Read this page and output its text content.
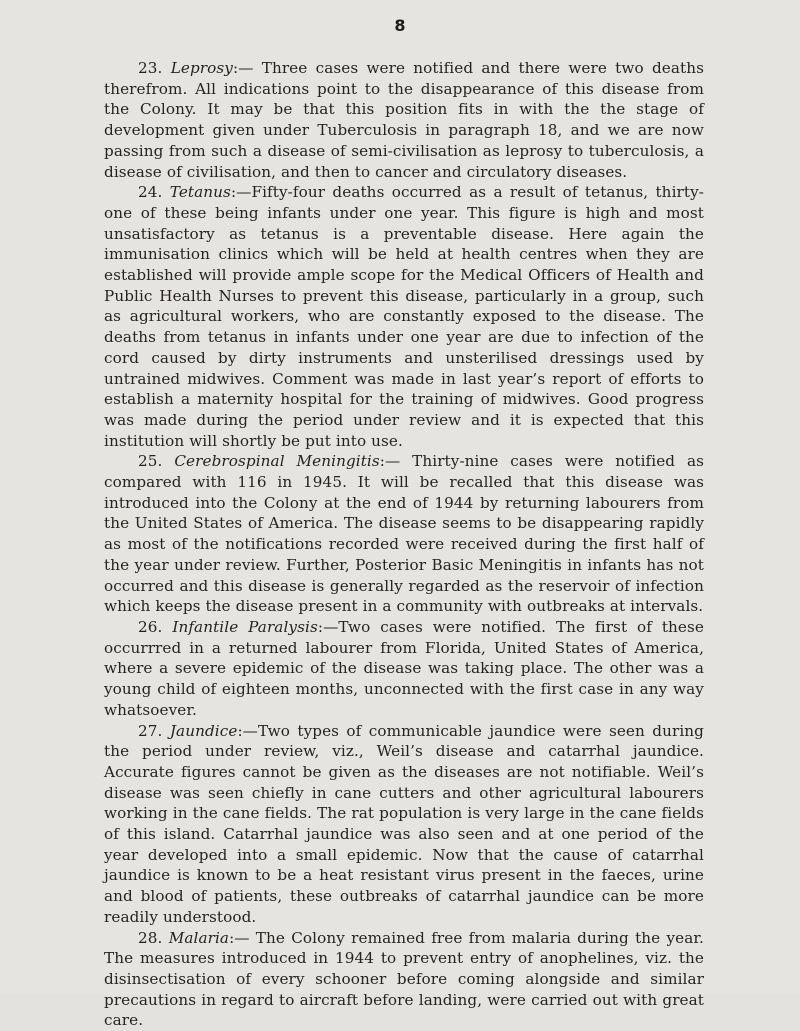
8

23. Leprosy:— Three cases were notified and there were two deaths therefrom. All indications point to the disappearance of this disease from the Colony. It may be that this position fits in with the the stage of development given under Tuberculosis in paragraph 18, and we are now passing from such a disease of semi-civilisation as leprosy to tuberculosis, a disease of civilisation, and then to cancer and circulatory diseases.

24. Tetanus:—Fifty-four deaths occurred as a result of tetanus, thirty-one of these being infants under one year. This figure is high and most unsatisfactory as tetanus is a preventable disease. Here again the immunisation clinics which will be held at health centres when they are established will provide ample scope for the Medical Officers of Health and Public Health Nurses to prevent this disease, particularly in a group, such as agricultural workers, who are constantly exposed to the disease. The deaths from tetanus in infants under one year are due to infection of the cord caused by dirty instruments and unsterilised dressings used by untrained midwives. Comment was made in last year’s report of efforts to establish a maternity hospital for the training of midwives. Good progress was made during the period under review and it is expected that this institution will shortly be put into use.

25. Cerebrospinal Meningitis:— Thirty-nine cases were notified as compared with 116 in 1945. It will be recalled that this disease was introduced into the Colony at the end of 1944 by returning labourers from the United States of America. The disease seems to be disappearing rapidly as most of the notifications recorded were received during the first half of the year under review. Further, Posterior Basic Meningitis in infants has not occurred and this disease is generally regarded as the reservoir of infection which keeps the disease present in a community with outbreaks at intervals.

26. Infantile Paralysis:—Two cases were notified. The first of these occurrred in a returned labourer from Florida, United States of America, where a severe epidemic of the disease was taking place. The other was a young child of eighteen months, unconnected with the first case in any way whatsoever.

27. Jaundice:—Two types of communicable jaundice were seen during the period under review, viz., Weil’s disease and catarrhal jaundice. Accurate figures cannot be given as the diseases are not notifiable. Weil’s disease was seen chiefly in cane cutters and other agricultural labourers working in the cane fields. The rat population is very large in the cane fields of this island. Catarrhal jaundice was also seen and at one period of the year developed into a small epidemic. Now that the cause of catarrhal jaundice is known to be a heat resistant virus present in the faeces, urine and blood of patients, these outbreaks of catarrhal jaundice can be more readily understood.

28. Malaria:— The Colony remained free from malaria during the year. The measures introduced in 1944 to prevent entry of anophelines, viz. the disinsectisation of every schooner before coming alongside and similar precautions in regard to aircraft before landing, were carried out with great care.
